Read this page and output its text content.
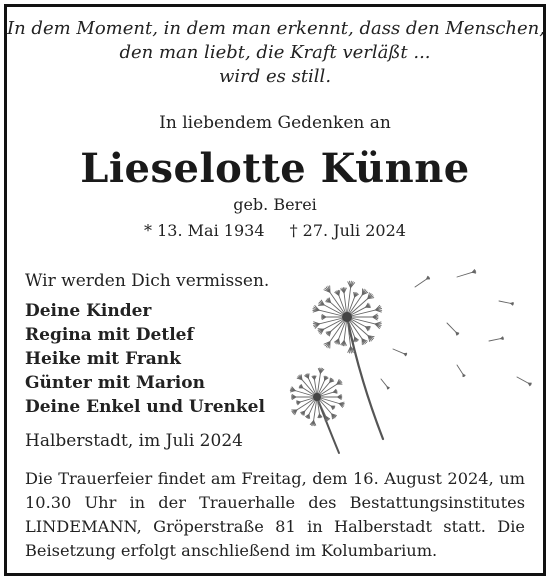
In dem Moment, in dem man erkennt, dass den Menschen,
den man liebt, die Kraft verläßt ...
wird es still.
In liebendem Gedenken an
Lieselotte Künne
geb. Berei
* 13. Mai 1934 † 27. Juli 2024
Wir werden Dich vermissen.
Deine Kinder
Regina mit Detlef
Heike mit Frank
Günter mit Marion
Deine Enkel und Urenkel
Halberstadt, im Juli 2024
Die Trauerfeier findet am Freitag, dem 16. August 2024, um 10.30 Uhr in der Trauerhalle des Bestattungsinstitutes LINDEMANN, Gröperstraße 81 in Halberstadt statt. Die Beisetzung erfolgt anschließend im Kolumbarium.
